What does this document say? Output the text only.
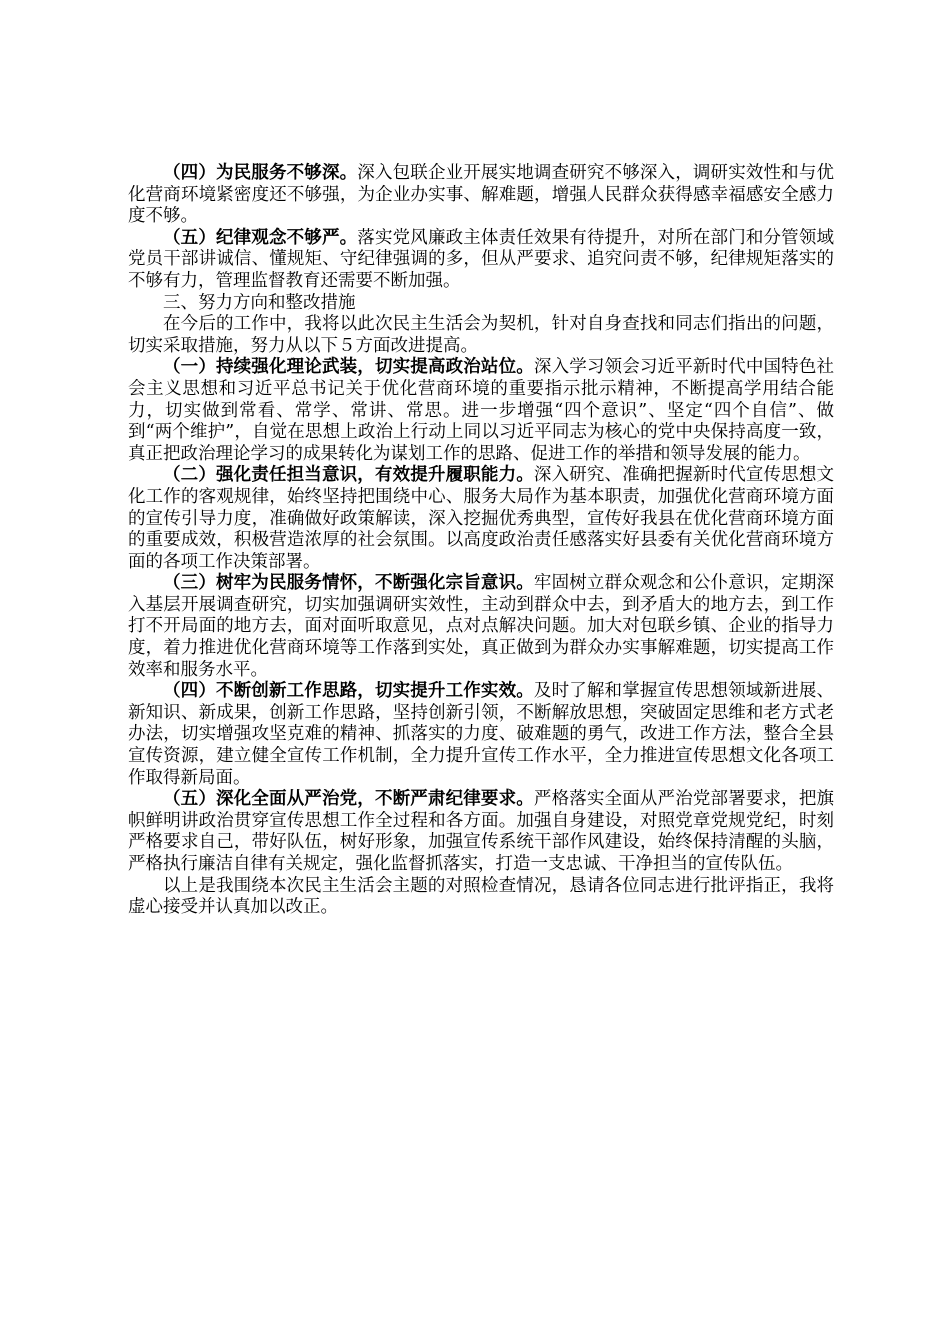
（四）为民服务不够深。深入包联企业开展实地调查研究不够深入，调研实效性和与优化营商环境紧密度还不够强，为企业办实事、解难题，增强人民群众获得感幸福感安全感力度不够。

（五）纪律观念不够严。落实党风廉政主体责任效果有待提升，对所在部门和分管领域党员干部讲诚信、懂规矩、守纪律强调的多，但从严要求、追究问责不够，纪律规矩落实的不够有力，管理监督教育还需要不断加强。

三、努力方向和整改措施

在今后的工作中，我将以此次民主生活会为契机，针对自身查找和同志们指出的问题，切实采取措施，努力从以下５方面改进提高。

（一）持续强化理论武装，切实提高政治站位。深入学习领会习近平新时代中国特色社会主义思想和习近平总书记关于优化营商环境的重要指示批示精神，不断提高学用结合能力，切实做到常看、常学、常讲、常思。进一步增强“四个意识”、坚定“四个自信”、做到“两个维护”，自觉在思想上政治上行动上同以习近平同志为核心的党中央保持高度一致，真正把政治理论学习的成果转化为谋划工作的思路、促进工作的举措和领导发展的能力。

（二）强化责任担当意识，有效提升履职能力。深入研究、准确把握新时代宣传思想文化工作的客观规律，始终坚持把围绕中心、服务大局作为基本职责，加强优化营商环境方面的宣传引导力度，准确做好政策解读，深入挖掘优秀典型，宣传好我县在优化营商环境方面的重要成效，积极营造浓厚的社会氛围。以高度政治责任感落实好县委有关优化营商环境方面的各项工作决策部署。

（三）树牢为民服务情怀，不断强化宗旨意识。牢固树立群众观念和公仆意识，定期深入基层开展调查研究，切实加强调研实效性，主动到群众中去，到矛盾大的地方去，到工作打不开局面的地方去，面对面听取意见，点对点解决问题。加大对包联乡镇、企业的指导力度，着力推进优化营商环境等工作落到实处，真正做到为群众办实事解难题，切实提高工作效率和服务水平。

（四）不断创新工作思路，切实提升工作实效。及时了解和掌握宣传思想领域新进展、新知识、新成果，创新工作思路，坚持创新引领，不断解放思想，突破固定思维和老方式老办法，切实增强攻坚克难的精神、抓落实的力度、破难题的勇气，改进工作方法，整合全县宣传资源，建立健全宣传工作机制，全力提升宣传工作水平，全力推进宣传思想文化各项工作取得新局面。

（五）深化全面从严治党，不断严肃纪律要求。严格落实全面从严治党部署要求，把旗帜鲜明讲政治贯穿宣传思想工作全过程和各方面。加强自身建设，对照党章党规党纪，时刻严格要求自己，带好队伍，树好形象，加强宣传系统干部作风建设，始终保持清醒的头脑，严格执行廉洁自律有关规定，强化监督抓落实，打造一支忠诚、干净担当的宣传队伍。

以上是我围绕本次民主生活会主题的对照检查情况，恳请各位同志进行批评指正，我将虚心接受并认真加以改正。
